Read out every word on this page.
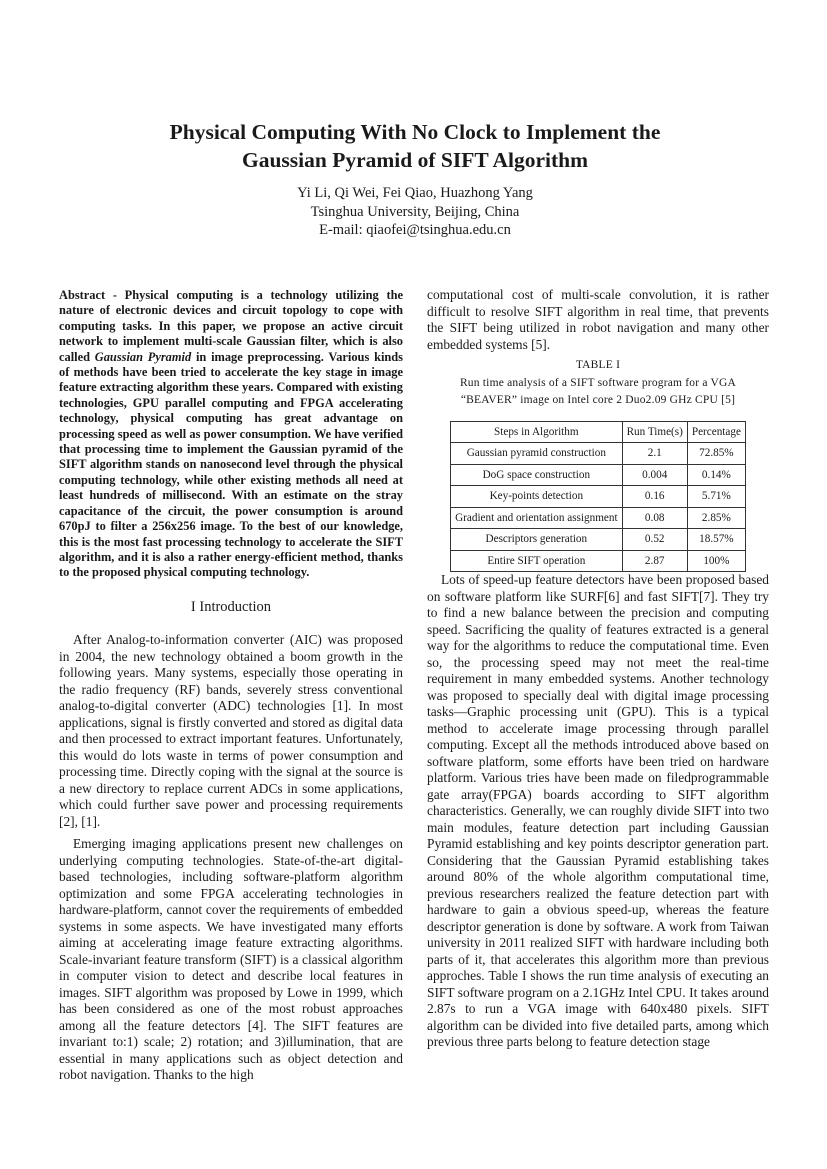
Physical Computing With No Clock to Implement the
Gaussian Pyramid of SIFT Algorithm
Yi Li, Qi Wei, Fei Qiao, Huazhong Yang
Tsinghua University, Beijing, China
E-mail: qiaofei@tsinghua.edu.cn

Abstract - Physical computing is a technology utilizing the nature of electronic devices and circuit topology to cope with computing tasks. In this paper, we propose an active circuit network to implement multi-scale Gaussian filter, which is also called Gaussian Pyramid in image preprocessing. Various kinds of methods have been tried to accelerate the key stage in image feature extracting algorithm these years. Compared with existing technologies, GPU parallel computing and FPGA accelerating technology, physical computing has great advantage on processing speed as well as power consumption. We have verified that processing time to implement the Gaussian pyramid of the SIFT algorithm stands on nanosecond level through the physical computing technology, while other existing methods all need at least hundreds of millisecond. With an estimate on the stray capacitance of the circuit, the power consumption is around 670pJ to filter a 256x256 image. To the best of our knowledge, this is the most fast processing technology to accelerate the SIFT algorithm, and it is also a rather energy-efficient method, thanks to the proposed physical computing technology.

I Introduction

After Analog-to-information converter (AIC) was proposed in 2004, the new technology obtained a boom growth in the following years. Many systems, especially those operating in the radio frequency (RF) bands, severely stress conventional analog-to-digital converter (ADC) technologies [1]. In most applications, signal is firstly converted and stored as digital data and then processed to extract important features. Unfortunately, this would do lots waste in terms of power consumption and processing time. Directly coping with the signal at the source is a new directory to replace current ADCs in some applications, which could further save power and processing requirements [2], [1].

Emerging imaging applications present new challenges on underlying computing technologies. State-of-the-art digital-based technologies, including software-platform algorithm optimization and some FPGA accelerating technologies in hardware-platform, cannot cover the requirements of embedded systems in some aspects. We have investigated many efforts aiming at accelerating image feature extracting algorithms. Scale-invariant feature transform (SIFT) is a classical algorithm in computer vision to detect and describe local features in images. SIFT algorithm was proposed by Lowe in 1999, which has been considered as one of the most robust approaches among all the feature detectors [4]. The SIFT features are invariant to:1) scale; 2) rotation; and 3)illumination, that are essential in many applications such as object detection and robot navigation. Thanks to the high

computational cost of multi-scale convolution, it is rather difficult to resolve SIFT algorithm in real time, that prevents the SIFT being utilized in robot navigation and many other embedded systems [5].

TABLE I
Run time analysis of a SIFT software program for a VGA
“BEAVER” image on Intel core 2 Duo2.09 GHz CPU [5]
Steps in Algorithm	Run Time(s)	Percentage
Gaussian pyramid construction	2.1	72.85%
DoG space construction	0.004	0.14%
Key-points detection	0.16	5.71%
Gradient and orientation assignment	0.08	2.85%
Descriptors generation	0.52	18.57%
Entire SIFT operation	2.87	100%

Lots of speed-up feature detectors have been proposed based on software platform like SURF[6] and fast SIFT[7]. They try to find a new balance between the precision and computing speed. Sacrificing the quality of features extracted is a general way for the algorithms to reduce the computational time. Even so, the processing speed may not meet the real-time requirement in many embedded systems. Another technology was proposed to specially deal with digital image processing tasks—Graphic processing unit (GPU). This is a typical method to accelerate image processing through parallel computing. Except all the methods introduced above based on software platform, some efforts have been tried on hardware platform. Various tries have been made on filedprogrammable gate array(FPGA) boards according to SIFT algorithm characteristics. Generally, we can roughly divide SIFT into two main modules, feature detection part including Gaussian Pyramid establishing and key points descriptor generation part. Considering that the Gaussian Pyramid establishing takes around 80% of the whole algorithm computational time, previous researchers realized the feature detection part with hardware to gain a obvious speed-up, whereas the feature descriptor generation is done by software. A work from Taiwan university in 2011 realized SIFT with hardware including both parts of it, that accelerates this algorithm more than previous approches. Table I shows the run time analysis of executing an SIFT software program on a 2.1GHz Intel CPU. It takes around 2.87s to run a VGA image with 640x480 pixels. SIFT algorithm can be divided into five detailed parts, among which previous three parts belong to feature detection stage
